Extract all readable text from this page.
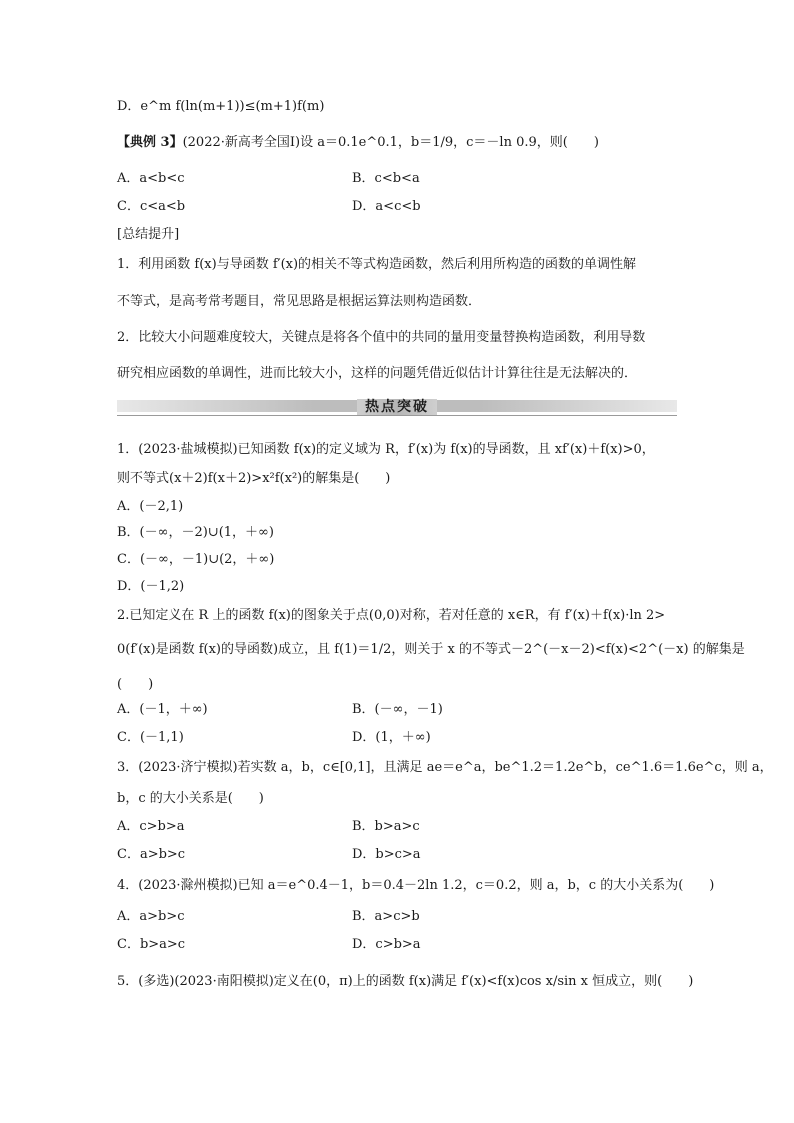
D．e^m f(ln(m+1))≤(m+1)f(m)
【典例 3】(2022·新高考全国Ⅰ)设 a＝0.1e^0.1，b＝1/9，c＝－ln 0.9，则(　　)
A．a<b<c	B．c<b<a
C．c<a<b	D．a<c<b
[总结提升]
1．利用函数 f(x)与导函数 f′(x)的相关不等式构造函数，然后利用所构造的函数的单调性解
不等式，是高考常考题目，常见思路是根据运算法则构造函数．
2．比较大小问题难度较大，关键点是将各个值中的共同的量用变量替换构造函数，利用导数
研究相应函数的单调性，进而比较大小，这样的问题凭借近似估计计算往往是无法解决的．
热点突破
1．(2023·盐城模拟)已知函数 f(x)的定义域为 R，f′(x)为 f(x)的导函数，且 xf′(x)＋f(x)>0，
则不等式(x＋2)f(x＋2)>x²f(x²)的解集是(　　)
A．(－2,1)
B．(－∞，－2)∪(1，＋∞)
C．(－∞，－1)∪(2，＋∞)
D．(－1,2)
2.已知定义在 R 上的函数 f(x)的图象关于点(0,0)对称，若对任意的 x∈R，有 f′(x)＋f(x)·ln 2>
0(f′(x)是函数 f(x)的导函数)成立，且 f(1)＝1/2，则关于 x 的不等式－2^(－x－2)<f(x)<2^(－x) 的解集是
(　　)
A．(－1，＋∞)	B．(－∞，－1)
C．(－1,1)	D．(1，＋∞)
3．(2023·济宁模拟)若实数 a，b，c∈[0,1]，且满足 ae＝e^a，be^1.2＝1.2e^b，ce^1.6＝1.6e^c，则 a，
b，c 的大小关系是(　　)
A．c>b>a	B．b>a>c
C．a>b>c	D．b>c>a
4．(2023·滁州模拟)已知 a＝e^0.4－1，b＝0.4－2ln 1.2，c＝0.2，则 a，b，c 的大小关系为(　　)
A．a>b>c	B．a>c>b
C．b>a>c	D．c>b>a
5．(多选)(2023·南阳模拟)定义在(0，π)上的函数 f(x)满足 f′(x)<f(x)cos x/sin x 恒成立，则(　　)
